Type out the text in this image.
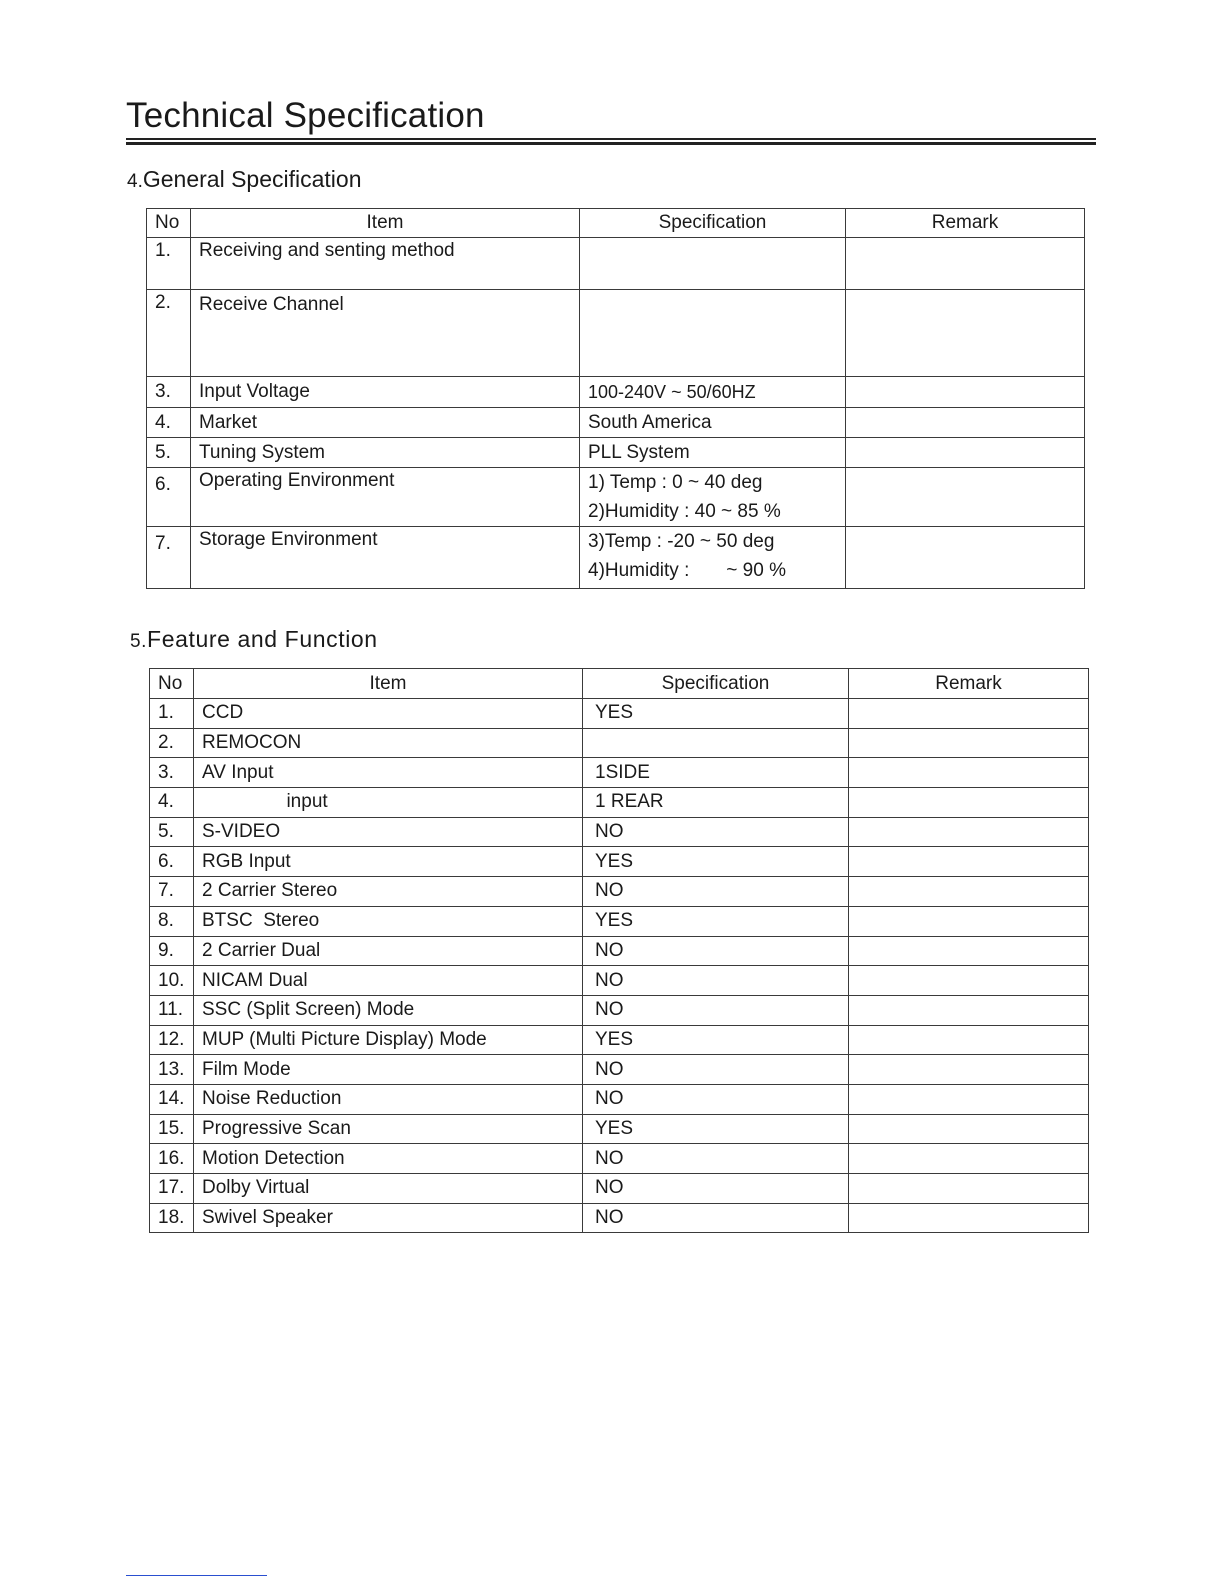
Technical Specification
4.General Specification
No	Item	Specification	Remark
1.	Receiving and senting method		
2.	Receive Channel		
3.	Input Voltage	100-240V ~ 50/60HZ	
4.	Market	South America	
5.	Tuning System	PLL System	
6.	Operating Environment	1) Temp : 0 ~ 40 deg
2)Humidity : 40 ~ 85 %	

7.	Storage Environment	3)Temp : -20 ~ 50 deg
4)Humidity :       ~ 90 %	

5.Feature and Function
No	Item	Specification	Remark
1.	CCD	YES	
2.	REMOCON		
3.	AV Input	1SIDE	
4.	input	1 REAR	
5.	S-VIDEO	NO	
6.	RGB Input	YES	
7.	2 Carrier Stereo	NO	
8.	BTSC  Stereo	YES	
9.	2 Carrier Dual	NO	
10.	NICAM Dual	NO	
11.	SSC (Split Screen) Mode	NO	
12.	MUP (Multi Picture Display) Mode	YES	
13.	Film Mode	NO	
14.	Noise Reduction	NO	
15.	Progressive Scan	YES	
16.	Motion Detection	NO	
17.	Dolby Virtual	NO	
18.	Swivel Speaker	NO	
